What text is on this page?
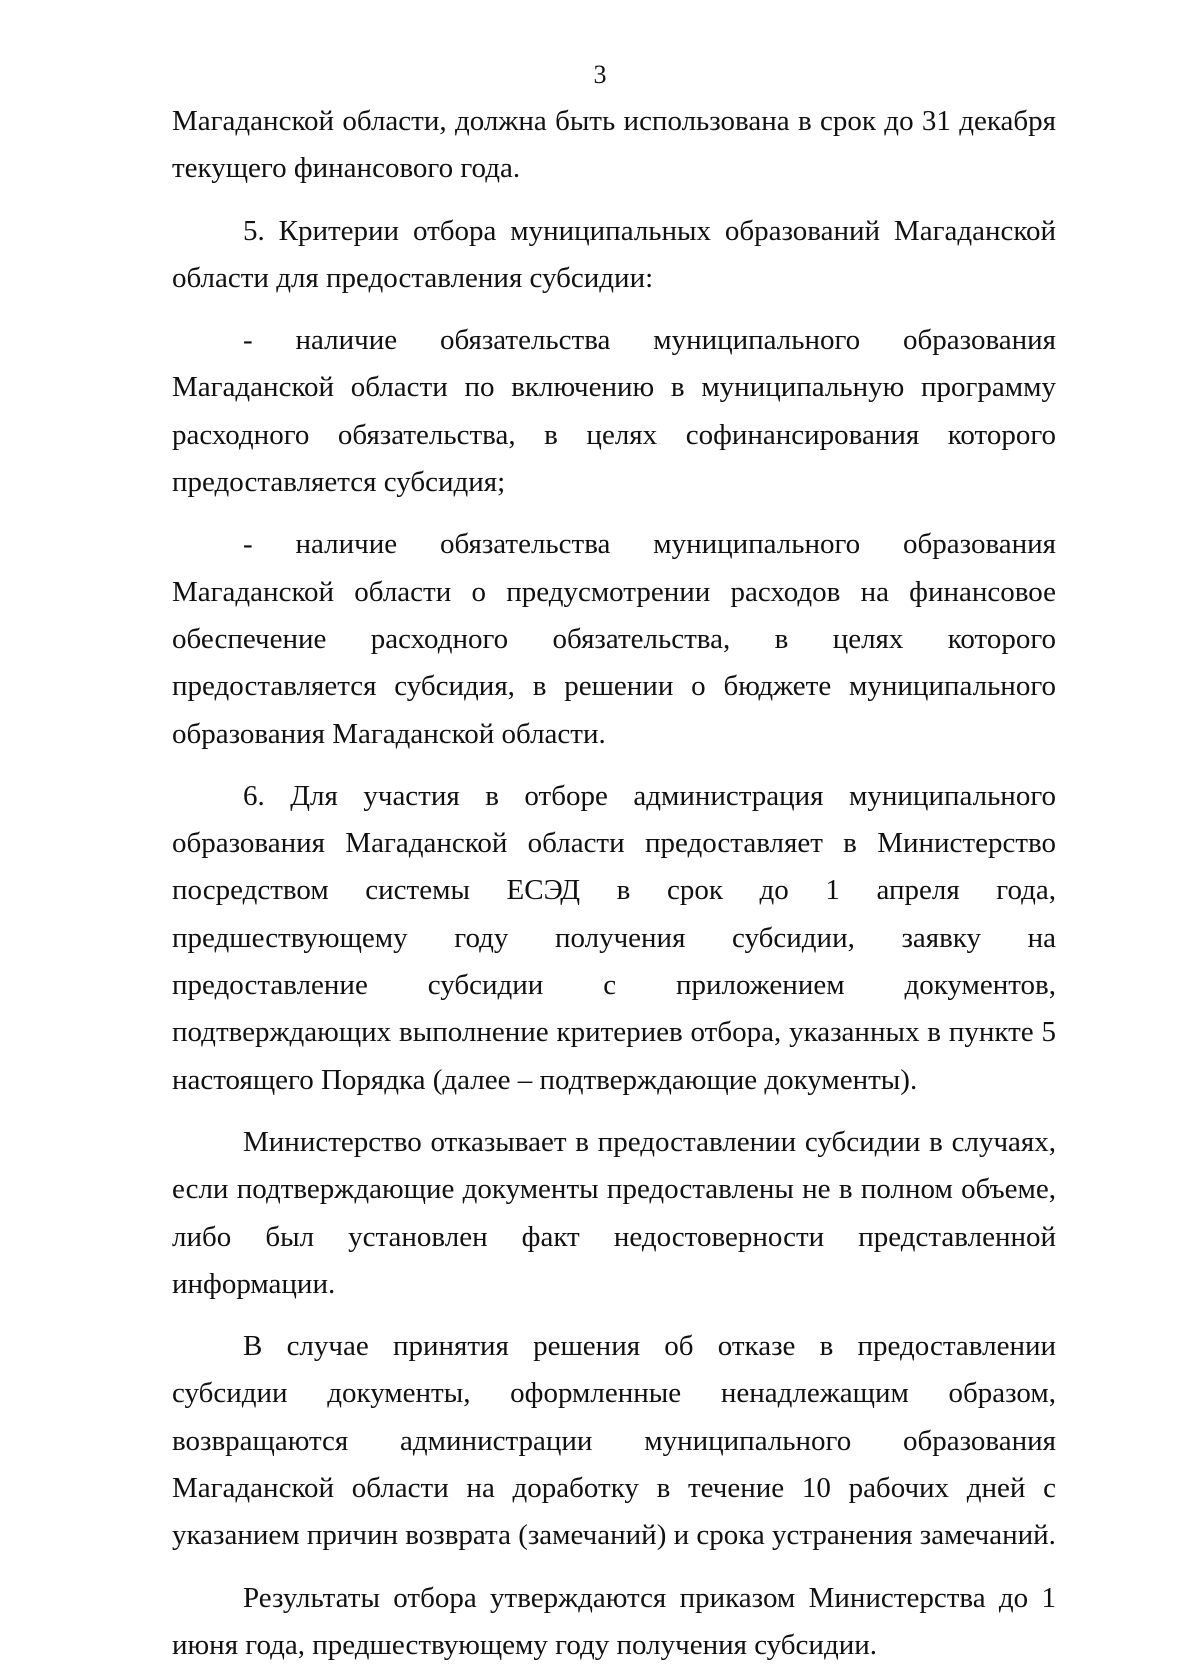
3

Магаданской области, должна быть использована в срок до 31 декабря текущего финансового года.

5. Критерии отбора муниципальных образований Магаданской области для предоставления субсидии:

- наличие обязательства муниципального образования Магаданской области по включению в муниципальную программу расходного обязательства, в целях софинансирования которого предоставляется субсидия;

- наличие обязательства муниципального образования Магаданской области о предусмотрении расходов на финансовое обеспечение расходного обязательства, в целях которого предоставляется субсидия, в решении о бюджете муниципального образования Магаданской области.

6. Для участия в отборе администрация муниципального образования Магаданской области предоставляет в Министерство посредством системы ЕСЭД в срок до 1 апреля года, предшествующему году получения субсидии, заявку на предоставление субсидии с приложением документов, подтверждающих выполнение критериев отбора, указанных в пункте 5 настоящего Порядка (далее – подтверждающие документы).

Министерство отказывает в предоставлении субсидии в случаях, если подтверждающие документы предоставлены не в полном объеме, либо был установлен факт недостоверности представленной информации.

В случае принятия решения об отказе в предоставлении субсидии документы, оформленные ненадлежащим образом, возвращаются администрации муниципального образования Магаданской области на доработку в течение 10 рабочих дней с указанием причин возврата (замечаний) и срока устранения замечаний.

Результаты отбора утверждаются приказом Министерства до 1 июня года, предшествующему году получения субсидии.
